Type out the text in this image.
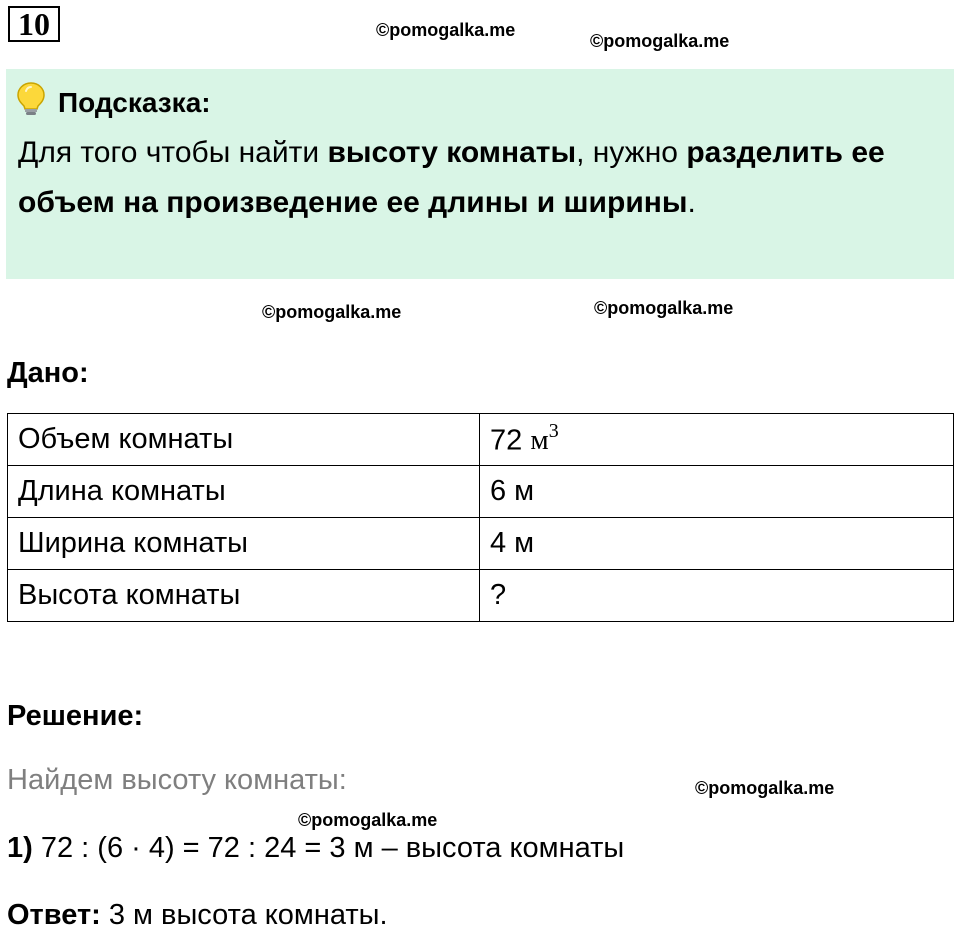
10	©pomogalka.me
©pomogalka.me
Подсказка:
Для того чтобы найти высоту комнаты, нужно разделить ее объем на произведение ее длины и ширины.
©pomogalka.me	©pomogalka.me
Дано:
Объем комнаты	72 $м^3$
Длина комнаты	6 м
Ширина комнаты	4 м
Высота комнаты	?
Решение:
Найдем высоту комнаты:	©pomogalka.me
©pomogalka.me
1) 72 : (6 · 4) = 72 : 24 = 3 м – высота комнаты
Ответ: 3 м высота комнаты.
